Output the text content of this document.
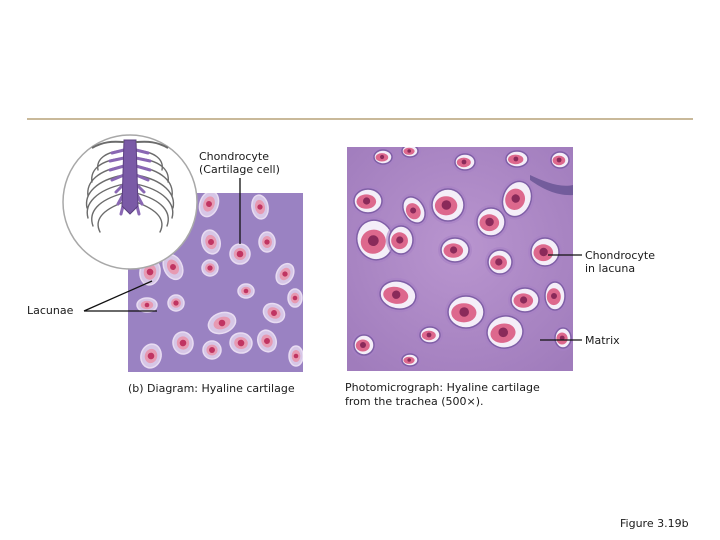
Chondrocyte
(Cartilage cell)
Chondrocyte
in lacuna
Lacunae
Matrix
(b) Diagram: Hyaline cartilage	Photomicrograph: Hyaline cartilage
from the trachea (500×).
Figure 3.19b
